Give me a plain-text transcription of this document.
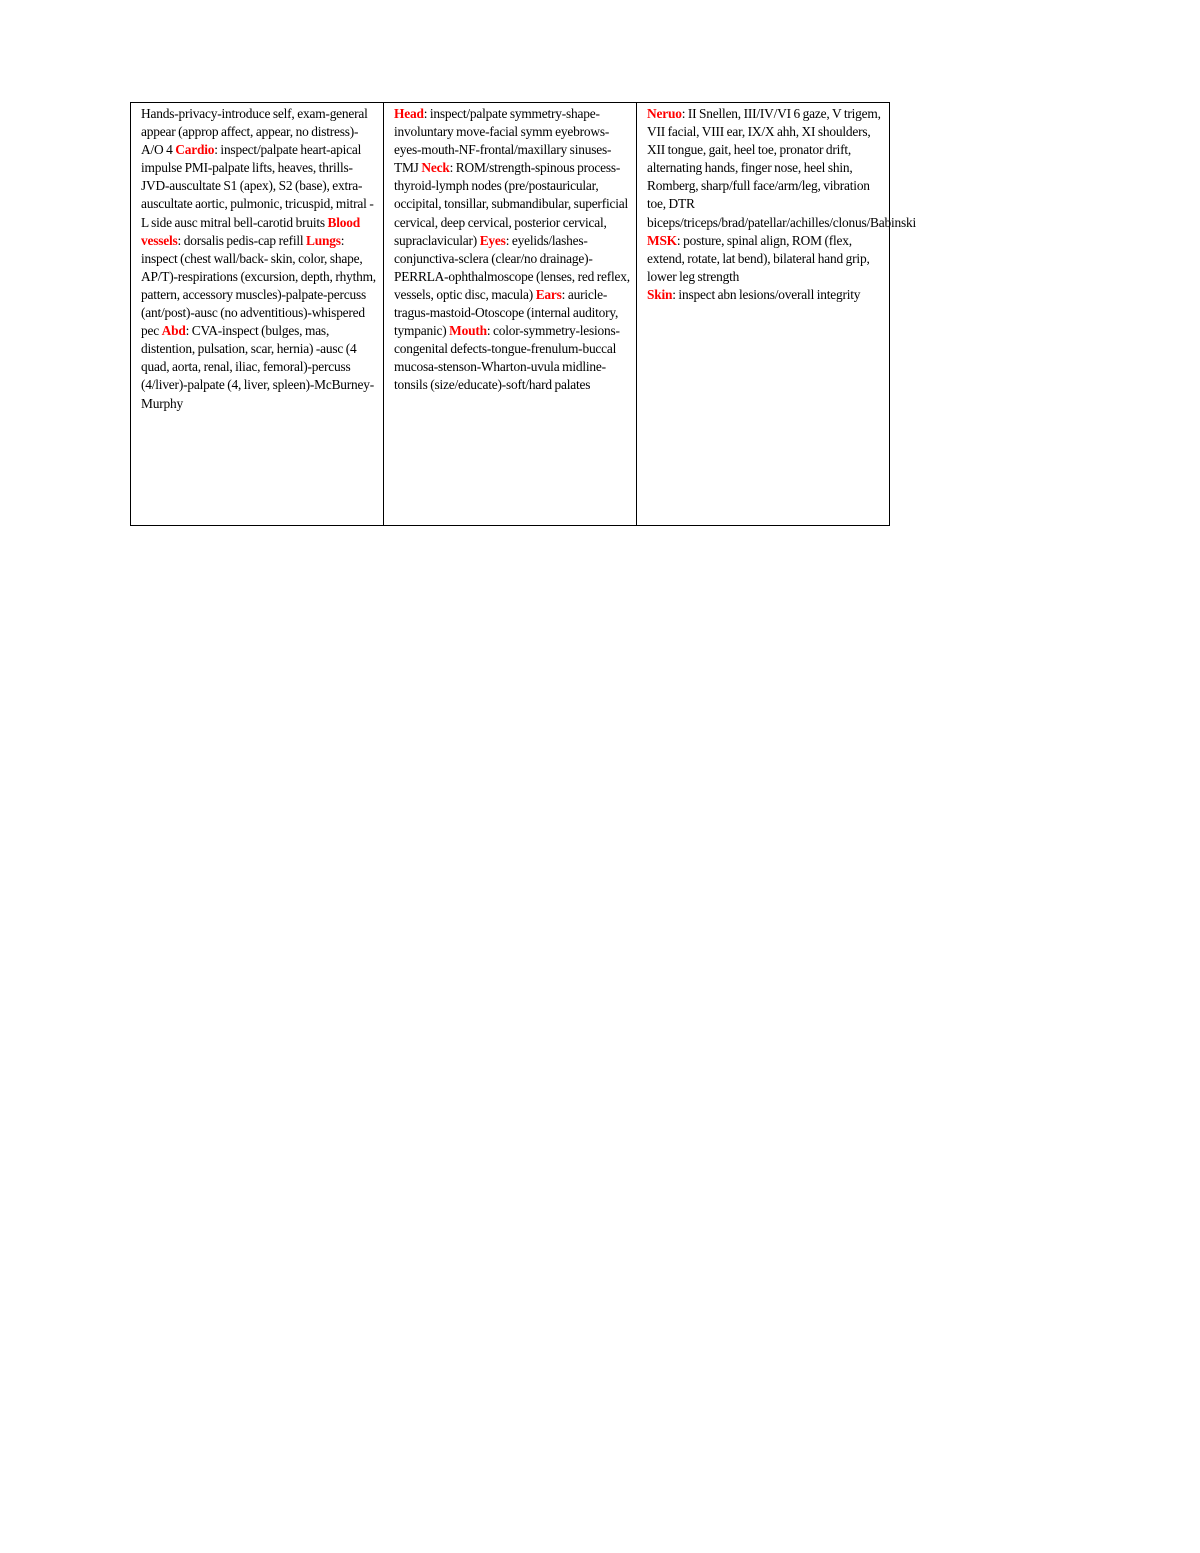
Hands-privacy-introduce self, exam-general appear (approp affect, appear, no distress)-A/O 4 Cardio: inspect/palpate heart-apical impulse PMI-palpate lifts, heaves, thrills-JVD-auscultate S1 (apex), S2 (base), extra-auscultate aortic, pulmonic, tricuspid, mitral -L side ausc mitral bell-carotid bruits Blood vessels: dorsalis pedis-cap refill Lungs: inspect (chest wall/back- skin, color, shape, AP/T)-respirations (excursion, depth, rhythm, pattern, accessory muscles)-palpate-percuss (ant/post)-ausc (no adventitious)-whispered pec Abd: CVA-inspect (bulges, mas, distention, pulsation, scar, hernia) -ausc (4 quad, aorta, renal, iliac, femoral)-percuss (4/liver)-palpate (4, liver, spleen)-McBurney-Murphy	Head: inspect/palpate symmetry-shape-involuntary move-facial symm eyebrows-eyes-mouth-NF-frontal/maxillary sinuses-TMJ Neck: ROM/strength-spinous process-thyroid-lymph nodes (pre/postauricular, occipital, tonsillar, submandibular, superficial cervical, deep cervical, posterior cervical, supraclavicular) Eyes: eyelids/lashes-conjunctiva-sclera (clear/no drainage)-PERRLA-ophthalmoscope (lenses, red reflex, vessels, optic disc, macula) Ears: auricle-tragus-mastoid-Otoscope (internal auditory, tympanic) Mouth: color-symmetry-lesions-congenital defects-tongue-frenulum-buccal mucosa-stenson-Wharton-uvula midline-tonsils (size/educate)-soft/hard palates	Neruo: II Snellen, III/IV/VI 6 gaze, V trigem, VII facial, VIII ear, IX/X ahh, XI shoulders, XII tongue, gait, heel toe, pronator drift, alternating hands, finger nose, heel shin, Romberg, sharp/full face/arm/leg, vibration toe, DTR biceps/triceps/brad/patellar/achilles/clonus/Babinski MSK: posture, spinal align, ROM (flex, extend, rotate, lat bend), bilateral hand grip, lower leg strength
Skin: inspect abn lesions/overall integrity
